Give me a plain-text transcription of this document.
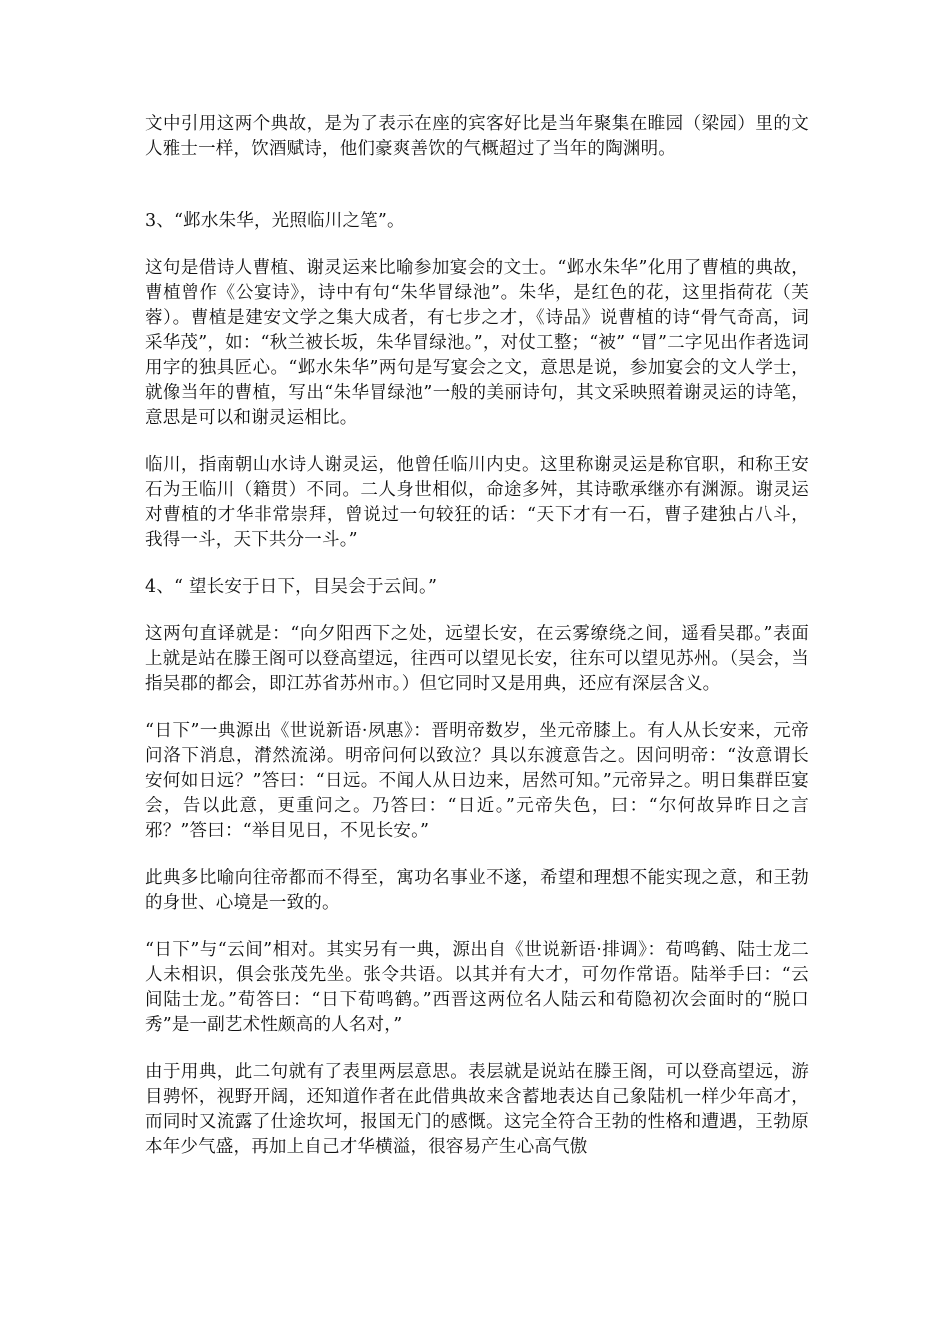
文中引用这两个典故，是为了表示在座的宾客好比是当年聚集在睢园（梁园）里的文人雅士一样，饮酒赋诗，他们豪爽善饮的气概超过了当年的陶渊明。

3、“邺水朱华，光照临川之笔”。

这句是借诗人曹植、谢灵运来比喻参加宴会的文士。“邺水朱华”化用了曹植的典故，曹植曾作《公宴诗》，诗中有句“朱华冒绿池”。朱华，是红色的花，这里指荷花（芙蓉）。曹植是建安文学之集大成者，有七步之才，《诗品》说曹植的诗“骨气奇高，词采华茂”，如：“秋兰被长坂，朱华冒绿池。”，对仗工整；“被” “冒”二字见出作者选词用字的独具匠心。“邺水朱华”两句是写宴会之文，意思是说，参加宴会的文人学士，就像当年的曹植，写出“朱华冒绿池”一般的美丽诗句，其文采映照着谢灵运的诗笔，意思是可以和谢灵运相比。

临川，指南朝山水诗人谢灵运，他曾任临川内史。这里称谢灵运是称官职，和称王安石为王临川（籍贯）不同。二人身世相似，命途多舛，其诗歌承继亦有渊源。谢灵运对曹植的才华非常崇拜，曾说过一句较狂的话：“天下才有一石，曹子建独占八斗，我得一斗，天下共分一斗。”

4、“ 望长安于日下，目吴会于云间。”

这两句直译就是：“向夕阳西下之处，远望长安，在云雾缭绕之间，遥看吴郡。”表面上就是站在滕王阁可以登高望远，往西可以望见长安，往东可以望见苏州。（吴会，当指吴郡的都会，即江苏省苏州市。）但它同时又是用典，还应有深层含义。

“日下”一典源出《世说新语·夙惠》：晋明帝数岁，坐元帝膝上。有人从长安来，元帝问洛下消息，潸然流涕。明帝问何以致泣？具以东渡意告之。因问明帝：“汝意谓长安何如日远？”答曰：“日远。不闻人从日边来，居然可知。”元帝异之。明日集群臣宴会，告以此意，更重问之。乃答曰：“日近。”元帝失色，曰：“尔何故异昨日之言邪？”答曰：“举目见日，不见长安。”

此典多比喻向往帝都而不得至，寓功名事业不遂，希望和理想不能实现之意，和王勃的身世、心境是一致的。

“日下”与“云间”相对。其实另有一典，源出自《世说新语·排调》：荀鸣鹤、陆士龙二人未相识，俱会张茂先坐。张令共语。以其并有大才，可勿作常语。陆举手曰：“云间陆士龙。”荀答曰：“日下荀鸣鹤。”西晋这两位名人陆云和荀隐初次会面时的“脱口秀”是一副艺术性颇高的人名对，”

由于用典，此二句就有了表里两层意思。表层就是说站在滕王阁，可以登高望远，游目骋怀，视野开阔，还知道作者在此借典故来含蓄地表达自己象陆机一样少年高才，而同时又流露了仕途坎坷，报国无门的感慨。这完全符合王勃的性格和遭遇，王勃原本年少气盛，再加上自己才华横溢，很容易产生心高气傲
